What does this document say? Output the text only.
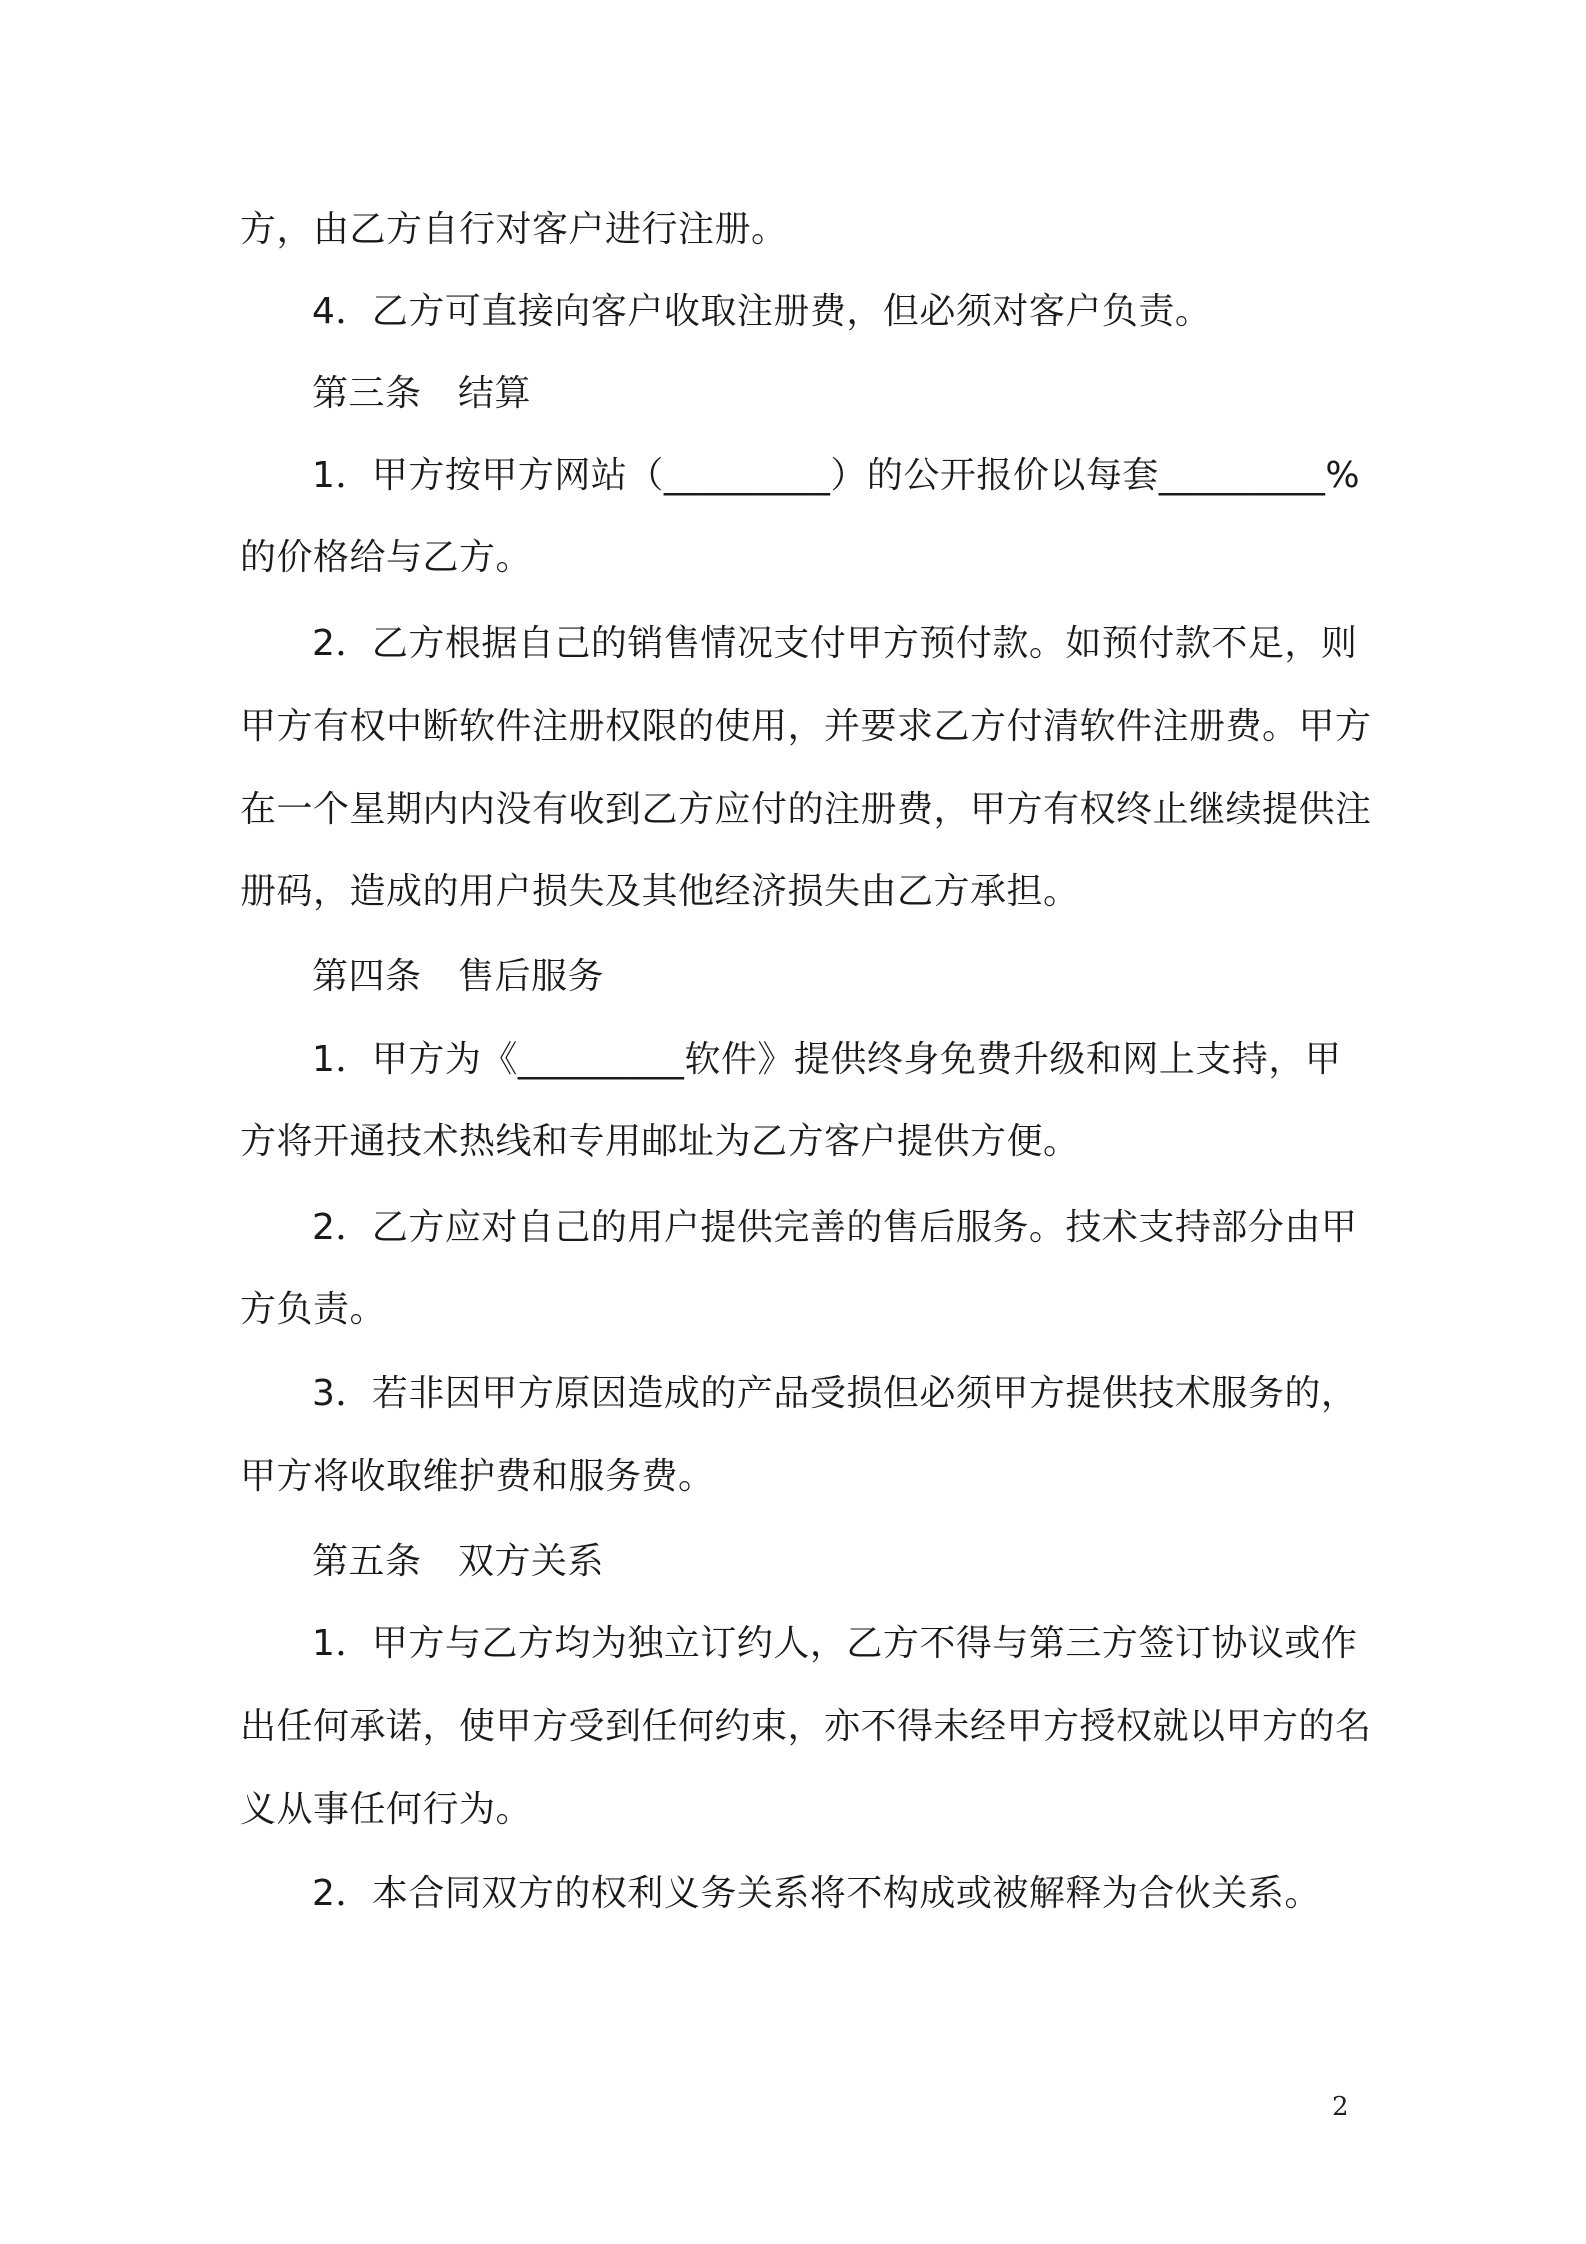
方，由乙方自行对客户进行注册。

4．乙方可直接向客户收取注册费，但必须对客户负责。

第三条　结算

1．甲方按甲方网站（_________）的公开报价以每套_________%

的价格给与乙方。

2．乙方根据自己的销售情况支付甲方预付款。如预付款不足，则

甲方有权中断软件注册权限的使用，并要求乙方付清软件注册费。甲方

在一个星期内内没有收到乙方应付的注册费，甲方有权终止继续提供注

册码，造成的用户损失及其他经济损失由乙方承担。

第四条　售后服务

1．甲方为《_________软件》提供终身免费升级和网上支持，甲

方将开通技术热线和专用邮址为乙方客户提供方便。

2．乙方应对自己的用户提供完善的售后服务。技术支持部分由甲

方负责。

3．若非因甲方原因造成的产品受损但必须甲方提供技术服务的，

甲方将收取维护费和服务费。

第五条　双方关系

1．甲方与乙方均为独立订约人，乙方不得与第三方签订协议或作

出任何承诺，使甲方受到任何约束，亦不得未经甲方授权就以甲方的名

义从事任何行为。

2．本合同双方的权利义务关系将不构成或被解释为合伙关系。

2
